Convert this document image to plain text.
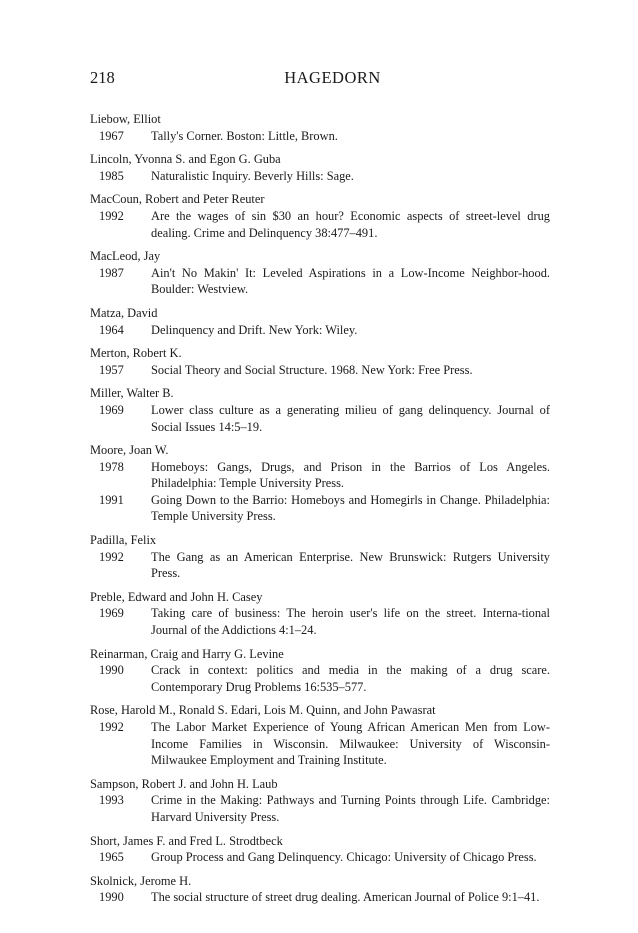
218	HAGEDORN
Liebow, Elliot
1967	Tally's Corner. Boston: Little, Brown.
Lincoln, Yvonna S. and Egon G. Guba
1985	Naturalistic Inquiry. Beverly Hills: Sage.
MacCoun, Robert and Peter Reuter
1992	Are the wages of sin $30 an hour? Economic aspects of street-level drug dealing. Crime and Delinquency 38:477–491.
MacLeod, Jay
1987	Ain't No Makin' It: Leveled Aspirations in a Low-Income Neighbor-hood. Boulder: Westview.
Matza, David
1964	Delinquency and Drift. New York: Wiley.
Merton, Robert K.
1957	Social Theory and Social Structure. 1968. New York: Free Press.
Miller, Walter B.
1969	Lower class culture as a generating milieu of gang delinquency. Journal of Social Issues 14:5–19.
Moore, Joan W.
1978	Homeboys: Gangs, Drugs, and Prison in the Barrios of Los Angeles. Philadelphia: Temple University Press.
1991	Going Down to the Barrio: Homeboys and Homegirls in Change. Philadelphia: Temple University Press.
Padilla, Felix
1992	The Gang as an American Enterprise. New Brunswick: Rutgers University Press.
Preble, Edward and John H. Casey
1969	Taking care of business: The heroin user's life on the street. Interna-tional Journal of the Addictions 4:1–24.
Reinarman, Craig and Harry G. Levine
1990	Crack in context: politics and media in the making of a drug scare. Contemporary Drug Problems 16:535–577.
Rose, Harold M., Ronald S. Edari, Lois M. Quinn, and John Pawasrat
1992	The Labor Market Experience of Young African American Men from Low-Income Families in Wisconsin. Milwaukee: University of Wisconsin-Milwaukee Employment and Training Institute.
Sampson, Robert J. and John H. Laub
1993	Crime in the Making: Pathways and Turning Points through Life. Cambridge: Harvard University Press.
Short, James F. and Fred L. Strodtbeck
1965	Group Process and Gang Delinquency. Chicago: University of Chicago Press.
Skolnick, Jerome H.
1990	The social structure of street drug dealing. American Journal of Police 9:1–41.
